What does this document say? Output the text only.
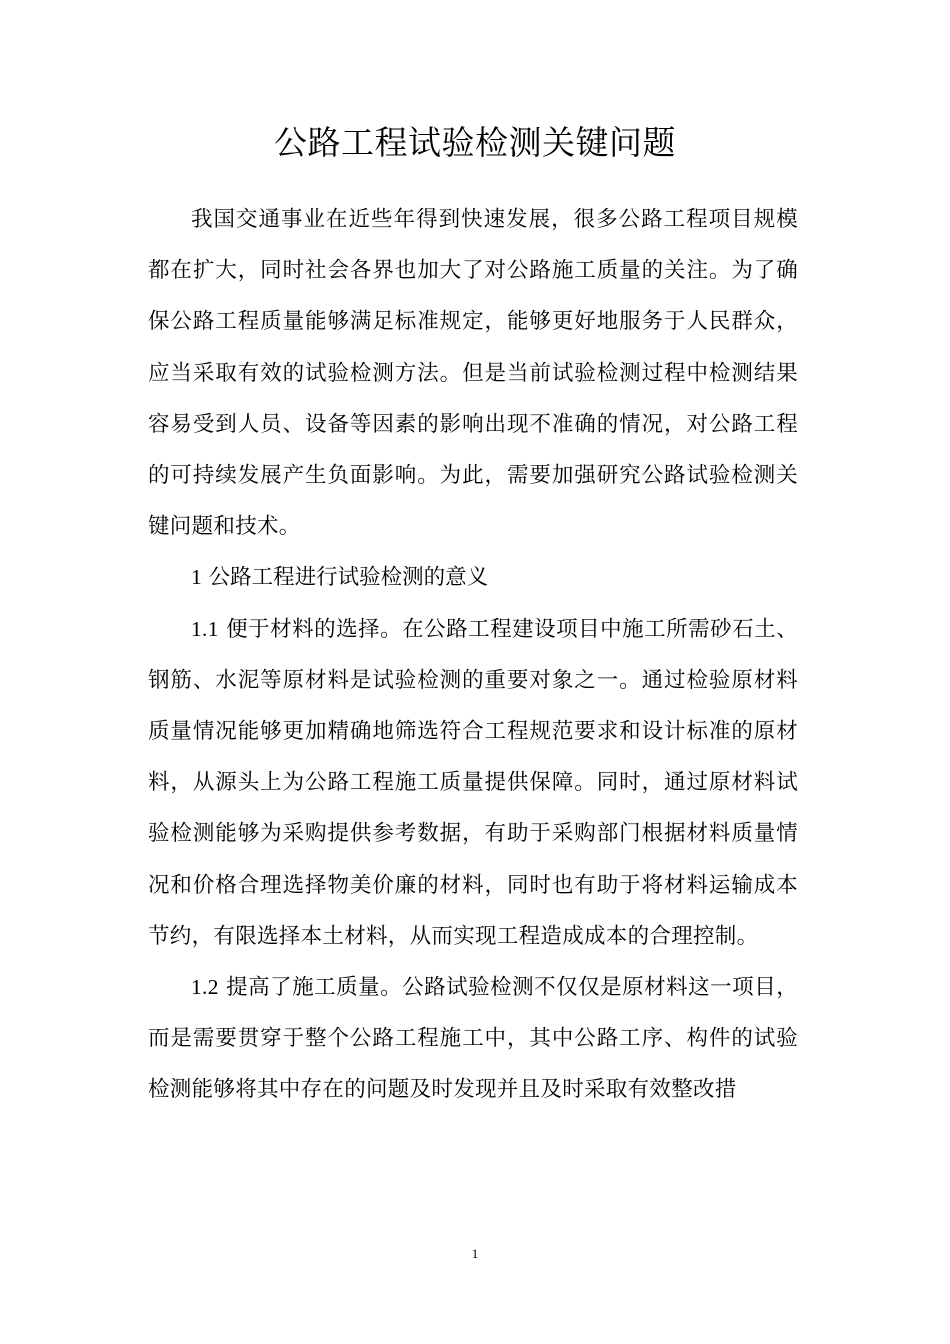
公路工程试验检测关键问题

我国交通事业在近些年得到快速发展，很多公路工程项目规模都在扩大，同时社会各界也加大了对公路施工质量的关注。为了确保公路工程质量能够满足标准规定，能够更好地服务于人民群众，应当采取有效的试验检测方法。但是当前试验检测过程中检测结果容易受到人员、设备等因素的影响出现不准确的情况，对公路工程的可持续发展产生负面影响。为此，需要加强研究公路试验检测关键问题和技术。

1 公路工程进行试验检测的意义

1.1 便于材料的选择。在公路工程建设项目中施工所需砂石土、钢筋、水泥等原材料是试验检测的重要对象之一。通过检验原材料质量情况能够更加精确地筛选符合工程规范要求和设计标准的原材料，从源头上为公路工程施工质量提供保障。同时，通过原材料试验检测能够为采购提供参考数据，有助于采购部门根据材料质量情况和价格合理选择物美价廉的材料，同时也有助于将材料运输成本节约，有限选择本土材料，从而实现工程造成成本的合理控制。

1.2 提高了施工质量。公路试验检测不仅仅是原材料这一项目，而是需要贯穿于整个公路工程施工中，其中公路工序、构件的试验检测能够将其中存在的问题及时发现并且及时采取有效整改措

1
